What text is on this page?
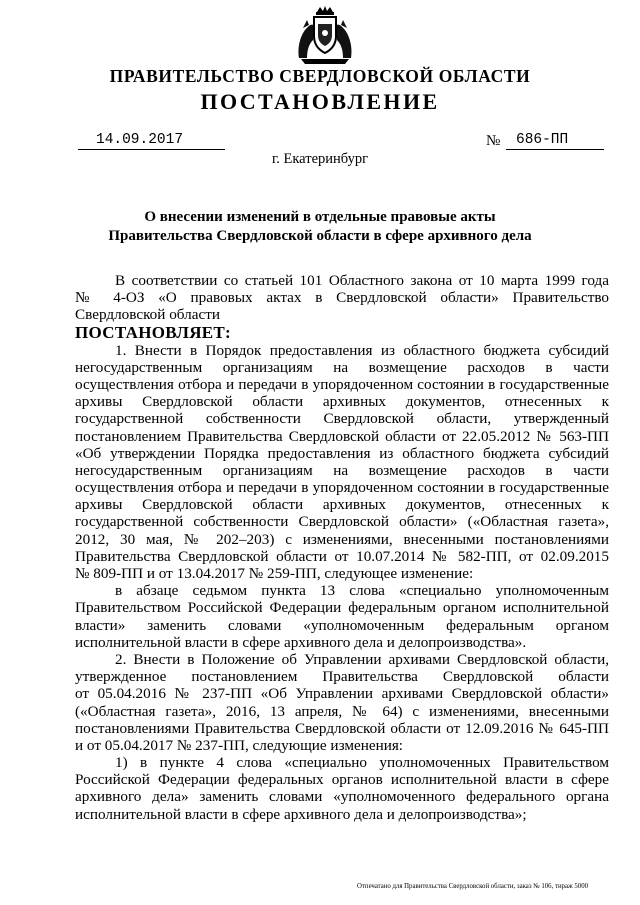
ПРАВИТЕЛЬСТВО СВЕРДЛОВСКОЙ ОБЛАСТИ
ПОСТАНОВЛЕНИЕ
14.09.2017	№	686-ПП
г. Екатеринбург
О внесении изменений в отдельные правовые акты
Правительства Свердловской области в сфере архивного дела
В соответствии со статьей 101 Областного закона от 10 марта 1999 года
№ 4-ОЗ «О правовых актах в Свердловской области» Правительство
Свердловской области
ПОСТАНОВЛЯЕТ:
1. Внести в Порядок предоставления из областного бюджета субсидий
негосударственным организациям на возмещение расходов в части
осуществления отбора и передачи в упорядоченном состоянии в государственные
архивы Свердловской области архивных документов, отнесенных к
государственной собственности Свердловской области, утвержденный
постановлением Правительства Свердловской области от 22.05.2012 № 563-ПП
«Об утверждении Порядка предоставления из областного бюджета субсидий
негосударственным организациям на возмещение расходов в части
осуществления отбора и передачи в упорядоченном состоянии в государственные
архивы Свердловской области архивных документов, отнесенных к
государственной собственности Свердловской области» («Областная газета»,
2012, 30 мая, № 202–203) с изменениями, внесенными постановлениями
Правительства Свердловской области от 10.07.2014 № 582-ПП, от 02.09.2015
№ 809-ПП и от 13.04.2017 № 259-ПП, следующее изменение:
в абзаце седьмом пункта 13 слова «специально уполномоченным
Правительством Российской Федерации федеральным органом исполнительной
власти» заменить словами «уполномоченным федеральным органом
исполнительной власти в сфере архивного дела и делопроизводства».
2. Внести в Положение об Управлении архивами Свердловской области,
утвержденное постановлением Правительства Свердловской области
от 05.04.2016 № 237-ПП «Об Управлении архивами Свердловской области»
(«Областная газета», 2016, 13 апреля, № 64) с изменениями, внесенными
постановлениями Правительства Свердловской области от 12.09.2016 № 645-ПП
и от 05.04.2017 № 237-ПП, следующие изменения:
1) в пункте 4 слова «специально уполномоченных Правительством
Российской Федерации федеральных органов исполнительной власти в сфере
архивного дела» заменить словами «уполномоченного федерального органа
исполнительной власти в сфере архивного дела и делопроизводства»;
Отпечатано для Правительства Свердловской области, заказ № 106, тираж 5000
